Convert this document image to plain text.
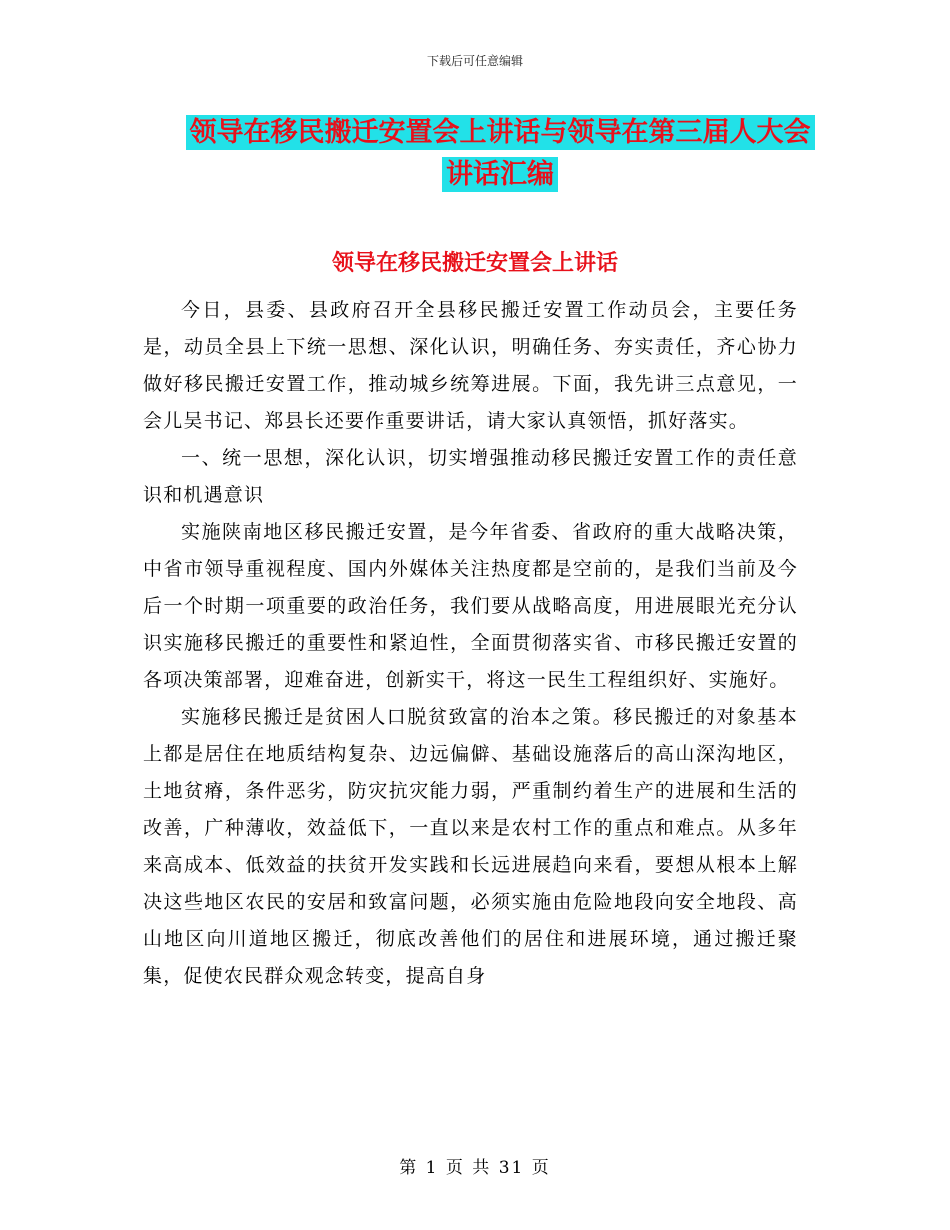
下载后可任意编辑
领导在移民搬迁安置会上讲话与领导在第三届人大会
讲话汇编
领导在移民搬迁安置会上讲话

今日，县委、县政府召开全县移民搬迁安置工作动员会，主要任务是，动员全县上下统一思想、深化认识，明确任务、夯实责任，齐心协力做好移民搬迁安置工作，推动城乡统筹进展。下面，我先讲三点意见，一会儿吴书记、郑县长还要作重要讲话，请大家认真领悟，抓好落实。

一、统一思想，深化认识，切实增强推动移民搬迁安置工作的责任意识和机遇意识

实施陕南地区移民搬迁安置，是今年省委、省政府的重大战略决策，中省市领导重视程度、国内外媒体关注热度都是空前的，是我们当前及今后一个时期一项重要的政治任务，我们要从战略高度，用进展眼光充分认识实施移民搬迁的重要性和紧迫性，全面贯彻落实省、市移民搬迁安置的各项决策部署，迎难奋进，创新实干，将这一民生工程组织好、实施好。

实施移民搬迁是贫困人口脱贫致富的治本之策。移民搬迁的对象基本上都是居住在地质结构复杂、边远偏僻、基础设施落后的高山深沟地区，土地贫瘠，条件恶劣，防灾抗灾能力弱，严重制约着生产的进展和生活的改善，广种薄收，效益低下，一直以来是农村工作的重点和难点。从多年来高成本、低效益的扶贫开发实践和长远进展趋向来看，要想从根本上解决这些地区农民的安居和致富问题，必须实施由危险地段向安全地段、高山地区向川道地区搬迁，彻底改善他们的居住和进展环境，通过搬迁聚集，促使农民群众观念转变，提高自身

第 1 页 共 31 页
